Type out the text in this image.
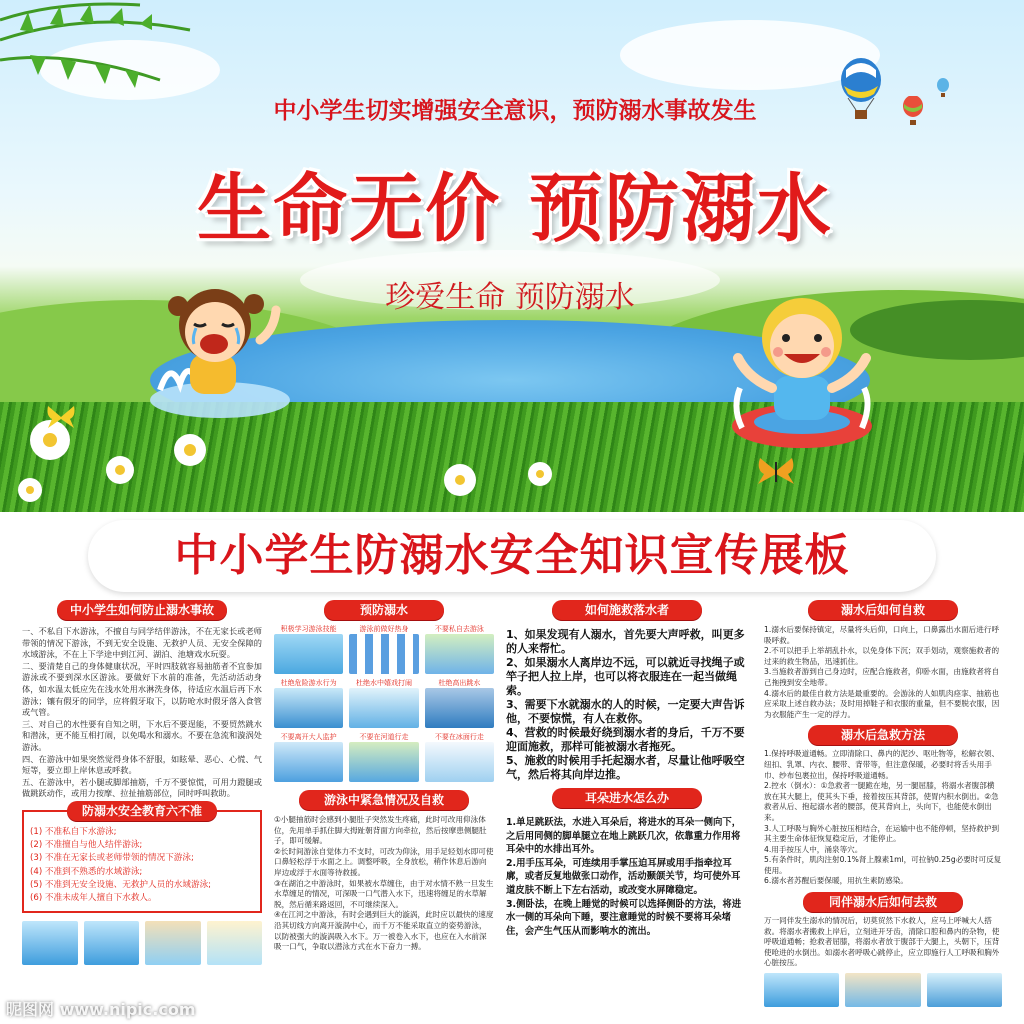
中小学生切实增强安全意识，预防溺水事故发生
生命无价 预防溺水
珍爱生命 预防溺水
中小学生如何防止溺水事故

一、不私自下水游泳，不擅自与同学结伴游泳，不在无家长或老师带领的情况下游泳，不到无安全设施、无救护人员、无安全保障的水域游泳，不在上下学途中到江河、湖泊、池塘戏水玩耍。

二、要清楚自己的身体健康状况，平时四肢就容易抽筋者不宜参加游泳或不要到深水区游泳。要做好下水前的准备，先活动活动身体，如水温太低应先在浅水处用水淋洗身体，待适应水温后再下水游泳；镶有假牙的同学，应将假牙取下，以防呛水时假牙落入食管或气管。

三、对自己的水性要有自知之明，下水后不要逞能，不要贸然跳水和潜泳，更不能互相打闹，以免喝水和溺水。不要在急流和漩涡处游泳。

四、在游泳中如果突然觉得身体不舒服，如眩晕、恶心、心慌、气短等，要立即上岸休息或呼救。

五、在游泳中，若小腿或脚部抽筋，千万不要惊慌，可用力蹬腿或做跳跃动作，或用力按摩、拉扯抽筋部位，同时呼叫救助。

防溺水安全教育六不准

(1) 不准私自下水游泳;

(2) 不准擅自与他人结伴游泳;

(3) 不准在无家长或老师带领的情况下游泳;

(4) 不准到不熟悉的水域游泳;

(5) 不准到无安全设施、无救护人员的水域游泳;

(6) 不准未成年人擅自下水救人。

预防溺水
积极学习游泳技能	游泳前做好热身	不要私自去游泳
杜绝危险游水行为	杜绝水中嬉戏打闹	杜绝高出跳水
不要离开大人监护	不要在河道行走	不要在冰面行走
游泳中紧急情况及自救

①小腿抽筋时会感到小腿肚子突然发生疼痛，此时可改用仰泳体位，先用单手抓住脚大拇趾朝背面方向牵拉，然后按摩患侧腿肚子，即可缓解。

②长时间游泳自觉体力不支时，可改为仰泳，用手足轻划水即可使口鼻轻松浮于水面之上。调整呼吸，全身放松，稍作休息后游向岸边或浮于水面等待救援。

③在湖泊之中游泳时，如果被水草缠住，由于对水情不熟一旦发生水草缠足的情况，可深吸一口气潜入水下，迅速将缠足的水草解脱，然后循来路返回，不可继续深入。

④在江河之中游泳，有时会遇到巨大的漩涡，此时应以最快的速度沿其切线方向离开漩涡中心，而千万不能采取直立的姿势游泳，以防被强大的漩涡吸入水下。万一被卷入水下，也应在入水前深吸一口气，争取以潜泳方式在水下奋力一搏。

如何施救落水者

1、如果发现有人溺水，首先要大声呼救，叫更多的人来帮忙。

2、如果溺水人离岸边不远，可以就近寻找绳子或竿子把人拉上岸，也可以将衣服连在一起当做绳索。

3、需要下水就溺水的人的时候，一定要大声告诉他，不要惊慌，有人在救你。

4、营救的时候最好绕到溺水者的身后，千万不要迎面施救，那样可能被溺水者拖死。

5、施救的时候用手托起溺水者，尽量让他呼吸空气，然后将其向岸边推。

耳朵进水怎么办

1.单足跳跃法，水进入耳朵后，将进水的耳朵一侧向下，之后用同侧的脚单腿立在地上跳跃几次，依靠重力作用将耳朵中的水排出耳外。

2.用手压耳朵，可连续用手掌压迫耳屏或用手指牵拉耳廓，或者反复地做张口动作，活动颞颌关节，均可使外耳道皮肤不断上下左右活动，或改变水屏障稳定。

3.侧卧法，在晚上睡觉的时候可以选择侧卧的方法，将进水一侧的耳朵向下睡，要注意睡觉的时候不要将耳朵堵住，会产生气压从而影响水的流出。

溺水后如何自救

1.溺水后要保持镇定，尽量将头后仰，口向上，口鼻露出水面后进行呼吸呼救。

2.不可以把手上举胡乱扑水，以免身体下沉；双手划动，观察施救者的过来的救生物品，迅速抓住。

3.当施救者游到自己身边时，应配合施救者，仰卧水面，由施救者将自己拖拽到安全地带。

4.溺水后的最佳自救方法是最重要的。会游泳的人如肌肉痉挛、抽筋也应采取上述自救办法；及时用掉鞋子和衣服的重量，但不要脱衣服，因为衣服能产生一定的浮力。

溺水后急救方法

1.保持呼吸道通畅。立即清除口、鼻内的泥沙、呕吐物等，松解衣领、纽扣、乳罩、内衣、腰带、背带等，但注意保暖，必要时将舌头用手巾、纱布包裹拉出，保持呼吸道通畅。

2.控水（倒水）：①急救者一腿跪在地，另一腿屈膝，将溺水者腹部横放在其大腿上，使其头下垂，接着按压其背部，使胃内积水倒出。②急救者从后、抱起溺水者的腰部，使其背向上，头向下，也能使水倒出来。

3.人工呼吸与胸外心脏按压相结合，在运输中也不能停顿，坚持救护到其主要生命体征恢复稳定后，才能停止。

4.用手按压人中，涌泉等穴。

5.有条件时，肌肉注射0.1%肾上腺素1ml，可拉钠0.25g必要时可反复使用。

6.溺水者苏醒后要保暖，用抗生素防感染。

同伴溺水后如何去救

万一同伴发生溺水的情况后，切莫贸然下水救人，应马上呼喊大人搭救。将溺水者搬救上岸后，立刻进开牙齿，清除口腔和鼻内的杂物，使呼吸道通畅；抢救者屈膝，将溺水者放于腹部于大腿上，头朝下，压背使呛进的水倒出。如溺水者呼吸心跳停止，应立即施行人工呼吸和胸外心脏按压。

中小学生防溺水安全知识宣传展板
昵图网 www.nipic.com
